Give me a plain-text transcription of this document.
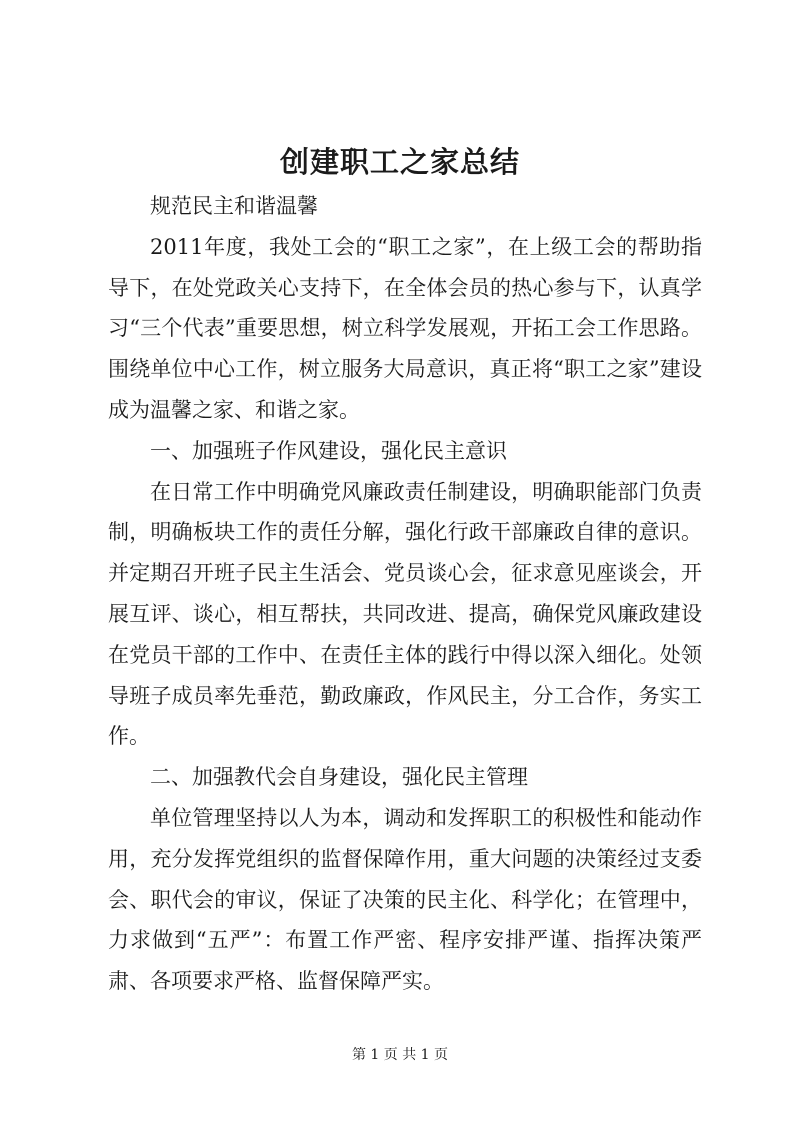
创建职工之家总结

规范民主和谐温馨

2011年度，我处工会的“职工之家”，在上级工会的帮助指导下，在处党政关心支持下，在全体会员的热心参与下，认真学习“三个代表”重要思想，树立科学发展观，开拓工会工作思路。围绕单位中心工作，树立服务大局意识，真正将“职工之家”建设成为温馨之家、和谐之家。

一、加强班子作风建设，强化民主意识

在日常工作中明确党风廉政责任制建设，明确职能部门负责制，明确板块工作的责任分解，强化行政干部廉政自律的意识。并定期召开班子民主生活会、党员谈心会，征求意见座谈会，开展互评、谈心，相互帮扶，共同改进、提高，确保党风廉政建设在党员干部的工作中、在责任主体的践行中得以深入细化。处领导班子成员率先垂范，勤政廉政，作风民主，分工合作，务实工作。

二、加强教代会自身建设，强化民主管理

单位管理坚持以人为本，调动和发挥职工的积极性和能动作用，充分发挥党组织的监督保障作用，重大问题的决策经过支委会、职代会的审议，保证了决策的民主化、科学化；在管理中，力求做到“五严”：布置工作严密、程序安排严谨、指挥决策严肃、各项要求严格、监督保障严实。

第 1 页 共 1 页
